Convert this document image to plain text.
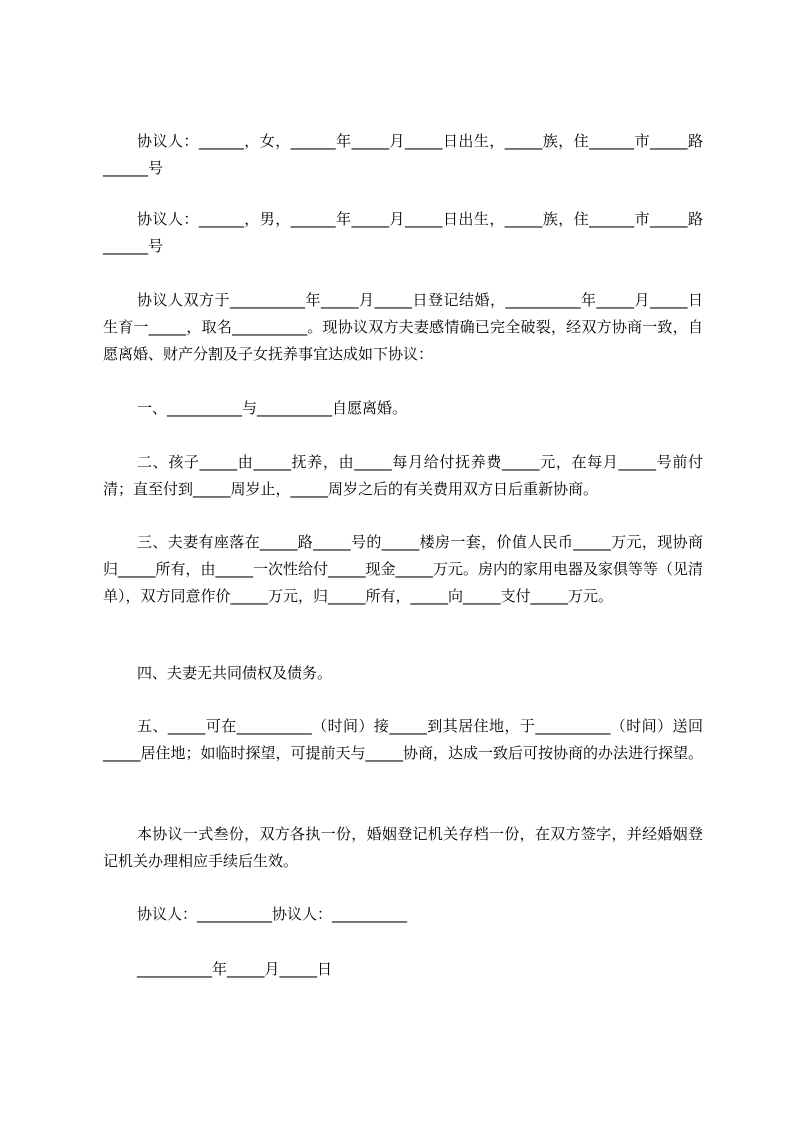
协议人：______，女，______年_____月_____日出生，_____族，住______市_____路______号

协议人：______，男，______年_____月_____日出生，_____族，住______市_____路______号

协议人双方于__________年_____月_____日登记结婚，__________年_____月_____日生育一_____，取名__________。现协议双方夫妻感情确已完全破裂，经双方协商一致，自愿离婚、财产分割及子女抚养事宜达成如下协议：

一、__________与__________自愿离婚。

二、孩子_____由_____抚养，由_____每月给付抚养费_____元，在每月_____号前付清；直至付到_____周岁止，_____周岁之后的有关费用双方日后重新协商。

三、夫妻有座落在_____路_____号的_____楼房一套，价值人民币_____万元，现协商归_____所有，由_____一次性给付_____现金_____万元。房内的家用电器及家俱等等（见清单），双方同意作价_____万元，归_____所有，_____向_____支付_____万元。

四、夫妻无共同债权及债务。

五、_____可在__________（时间）接_____到其居住地，于__________（时间）送回_____居住地；如临时探望，可提前天与_____协商，达成一致后可按协商的办法进行探望。

本协议一式叁份，双方各执一份，婚姻登记机关存档一份，在双方签字，并经婚姻登记机关办理相应手续后生效。

协议人：__________协议人：__________

__________年_____月_____日
